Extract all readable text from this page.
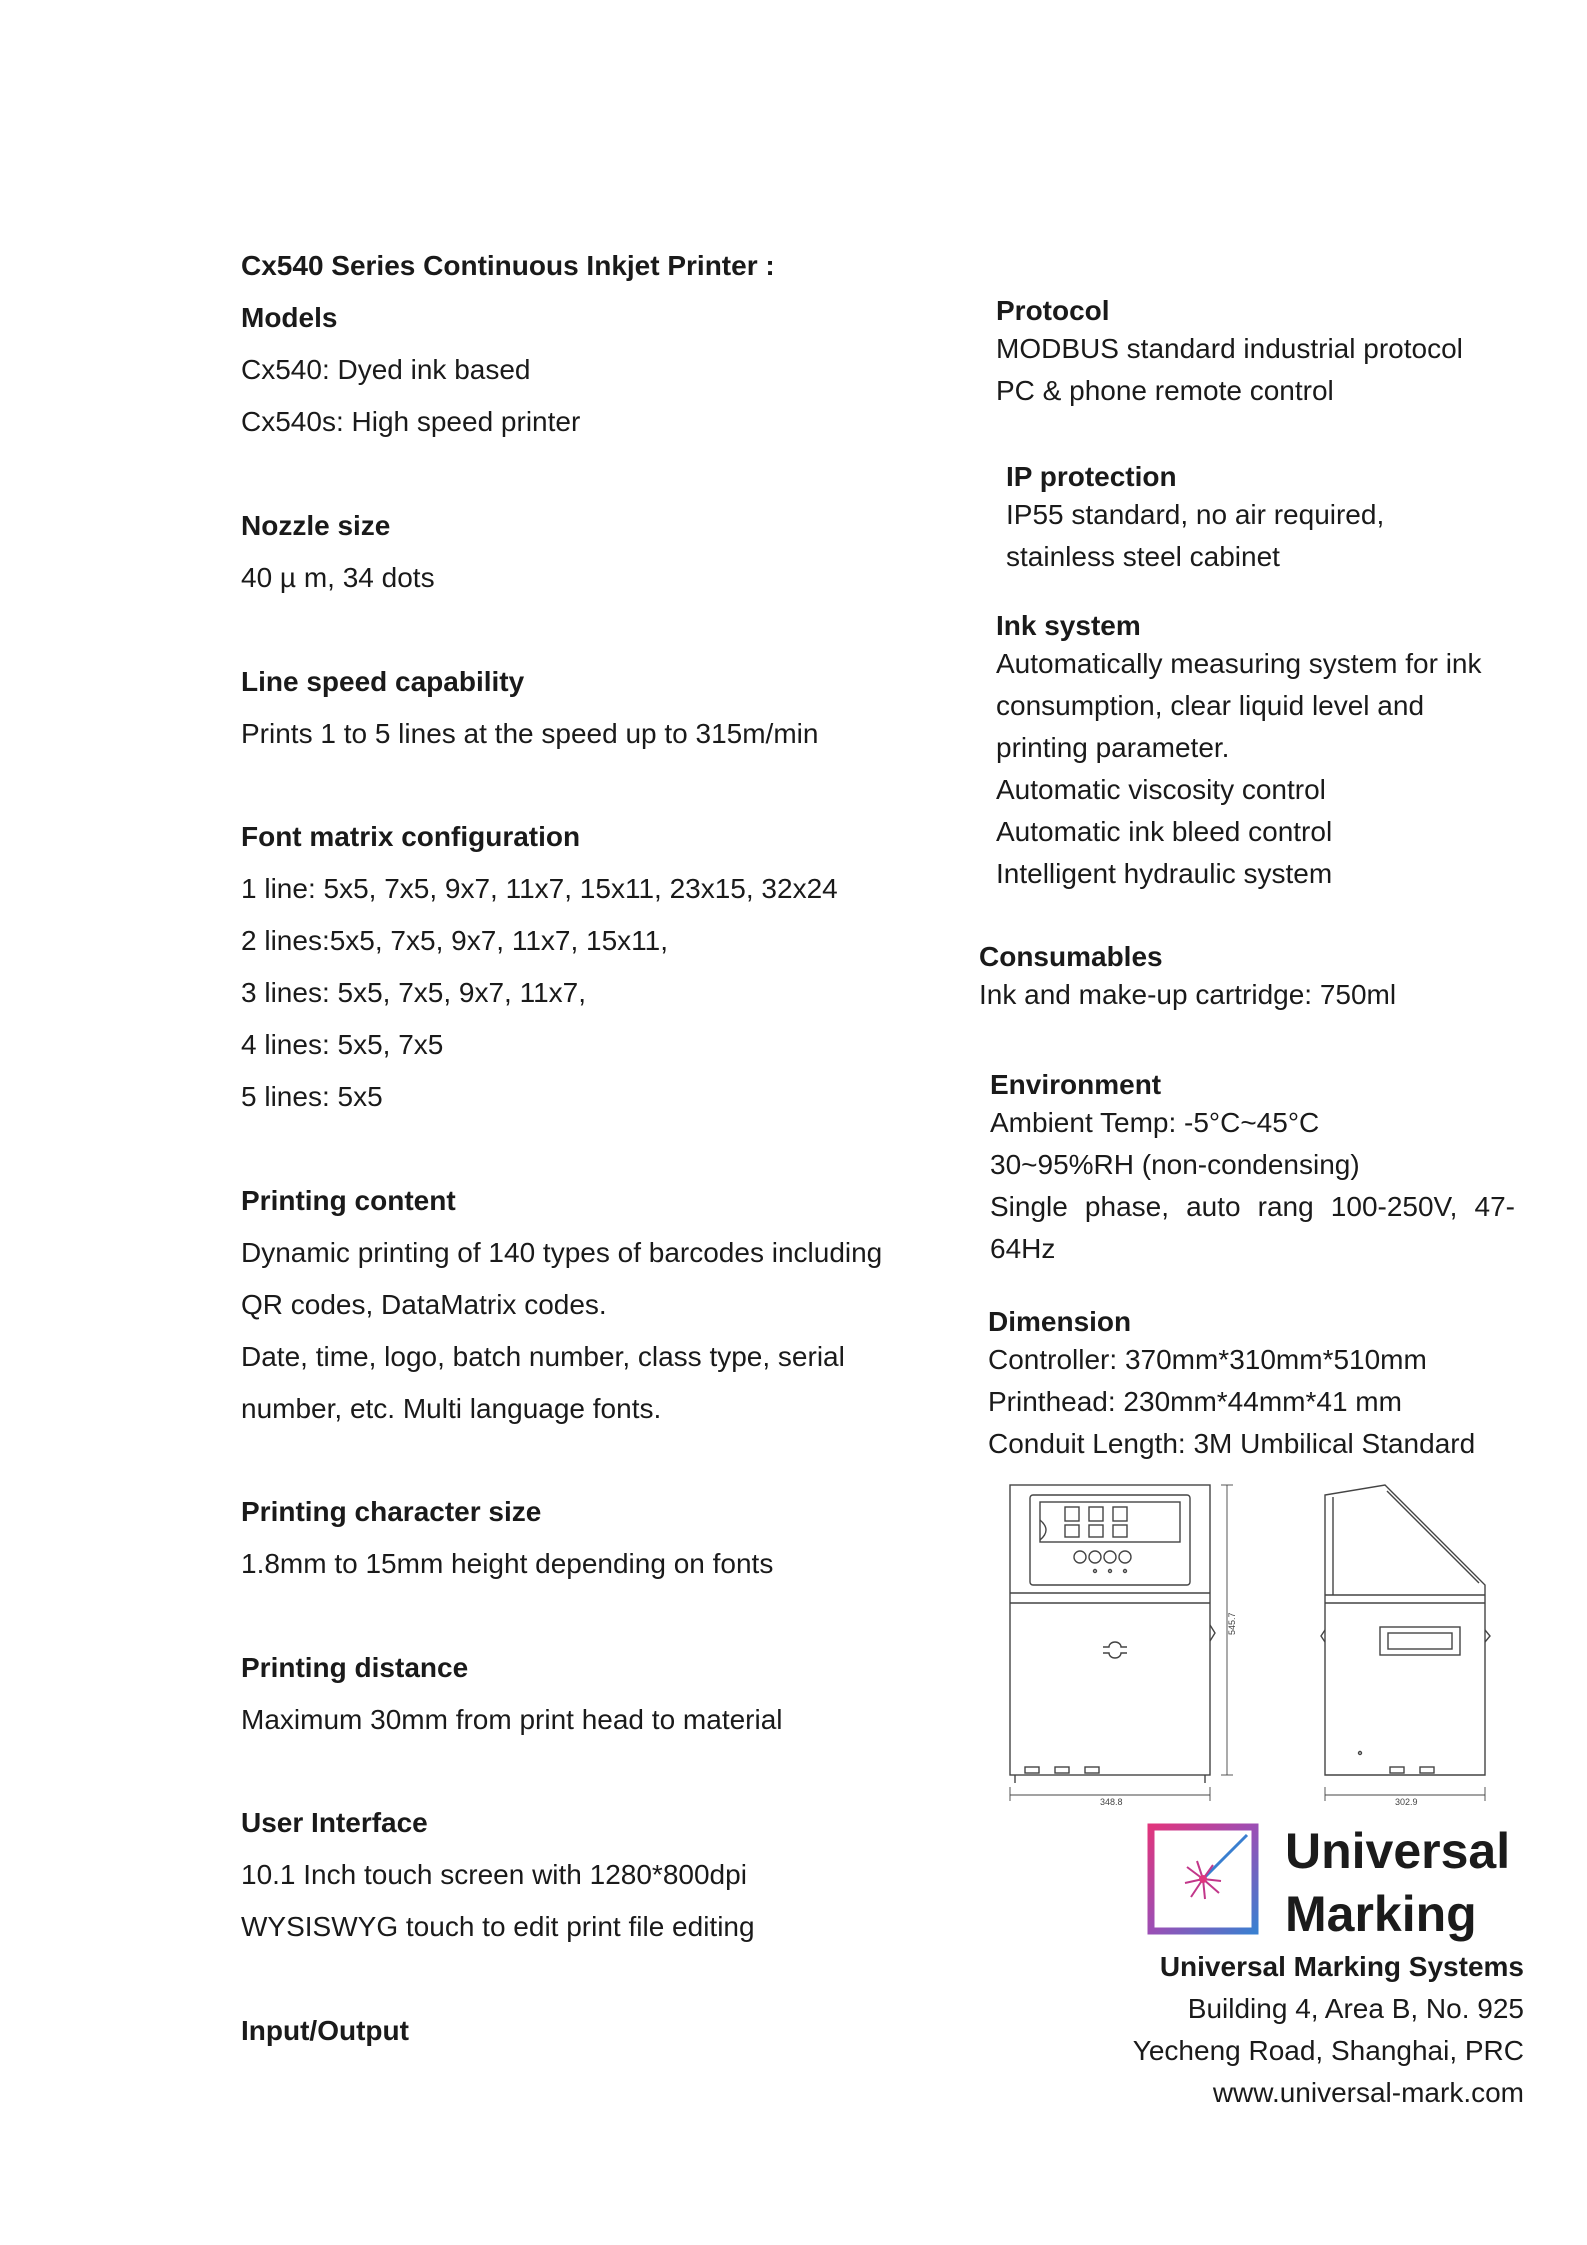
Cx540 Series Continuous Inkjet Printer :

Models

Cx540: Dyed ink based

Cx540s: High speed printer

Nozzle size

40 µ m, 34 dots

Line speed capability

Prints 1 to 5 lines at the speed up to 315m/min

Font matrix configuration

1 line: 5x5, 7x5, 9x7, 11x7, 15x11, 23x15, 32x24

2 lines:5x5, 7x5, 9x7, 11x7, 15x11,

3 lines: 5x5, 7x5, 9x7, 11x7,

4 lines: 5x5, 7x5

5 lines: 5x5

Printing content

Dynamic printing of 140 types of barcodes including

QR codes, DataMatrix codes.

Date, time, logo, batch number, class type, serial

number, etc. Multi language fonts.

Printing character size

1.8mm to 15mm height depending on fonts

Printing distance

Maximum 30mm from print head to material

User Interface

10.1 Inch touch screen with 1280*800dpi

WYSISWYG touch to edit print file editing

Input/Output

Protocol

MODBUS standard industrial protocol

PC & phone remote control

IP protection

IP55 standard, no air required,

stainless steel cabinet

Ink system

Automatically measuring system for ink

consumption, clear liquid level and

printing parameter.

Automatic viscosity control

Automatic ink bleed control

Intelligent hydraulic system

Consumables

Ink and make-up cartridge: 750ml

Environment

Ambient Temp: -5°C~45°C

30~95%RH (non-condensing)

Single phase, auto rang 100-250V, 47-64Hz

Dimension

Controller: 370mm*310mm*510mm

Printhead: 230mm*44mm*41 mm

Conduit Length: 3M Umbilical Standard

545.7
348.8	302.9
Universal
Marking
Universal Marking Systems
Building 4, Area B, No. 925
Yecheng Road, Shanghai, PRC
www.universal-mark.com
